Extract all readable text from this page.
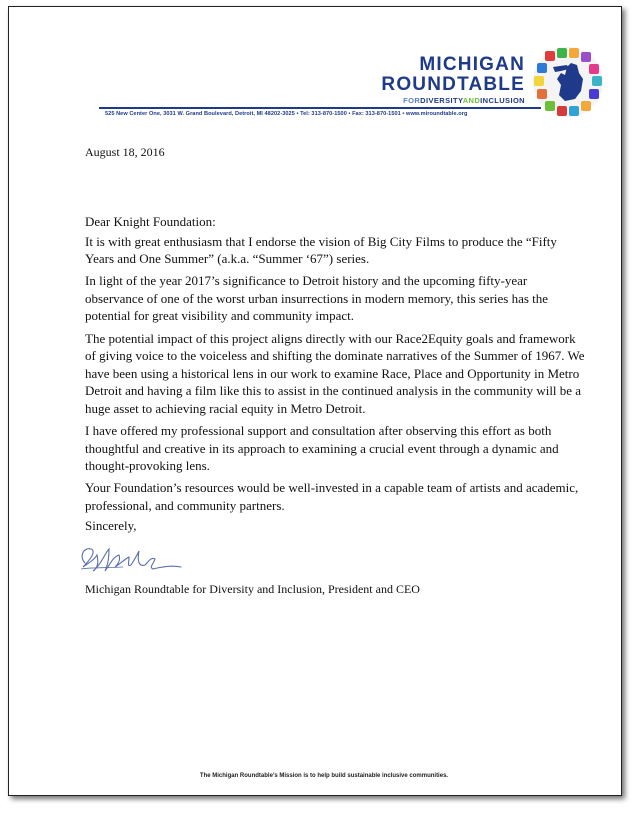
MICHIGAN
ROUNDTABLE
FORDIVERSITYANDINCLUSION
525 New Center One, 3031 W. Grand Boulevard, Detroit, MI 48202-3025 • Tel: 313-870-1500 • Fax: 313-870-1501 • www.miroundtable.org
August 18, 2016

Dear Knight Foundation:

It is with great enthusiasm that I endorse the vision of Big City Films to produce the “Fifty Years and One Summer” (a.k.a. “Summer ‘67”) series.

In light of the year 2017’s significance to Detroit history and the upcoming fifty-year observance of one of the worst urban insurrections in modern memory, this series has the potential for great visibility and community impact.

The potential impact of this project aligns directly with our Race2Equity goals and framework of giving voice to the voiceless and shifting the dominate narratives of the Summer of 1967. We have been using a historical lens in our work to examine Race, Place and Opportunity in Metro Detroit and having a film like this to assist in the continued analysis in the community will be a huge asset to achieving racial equity in Metro Detroit.

I have offered my professional support and consultation after observing this effort as both thoughtful and creative in its approach to examining a crucial event through a dynamic and thought-provoking lens.

Your Foundation’s resources would be well-invested in a capable team of artists and academic, professional, and community partners.

Sincerely,
Michigan Roundtable for Diversity and Inclusion, President and CEO
The Michigan Roundtable’s Mission is to help build sustainable inclusive communities.
